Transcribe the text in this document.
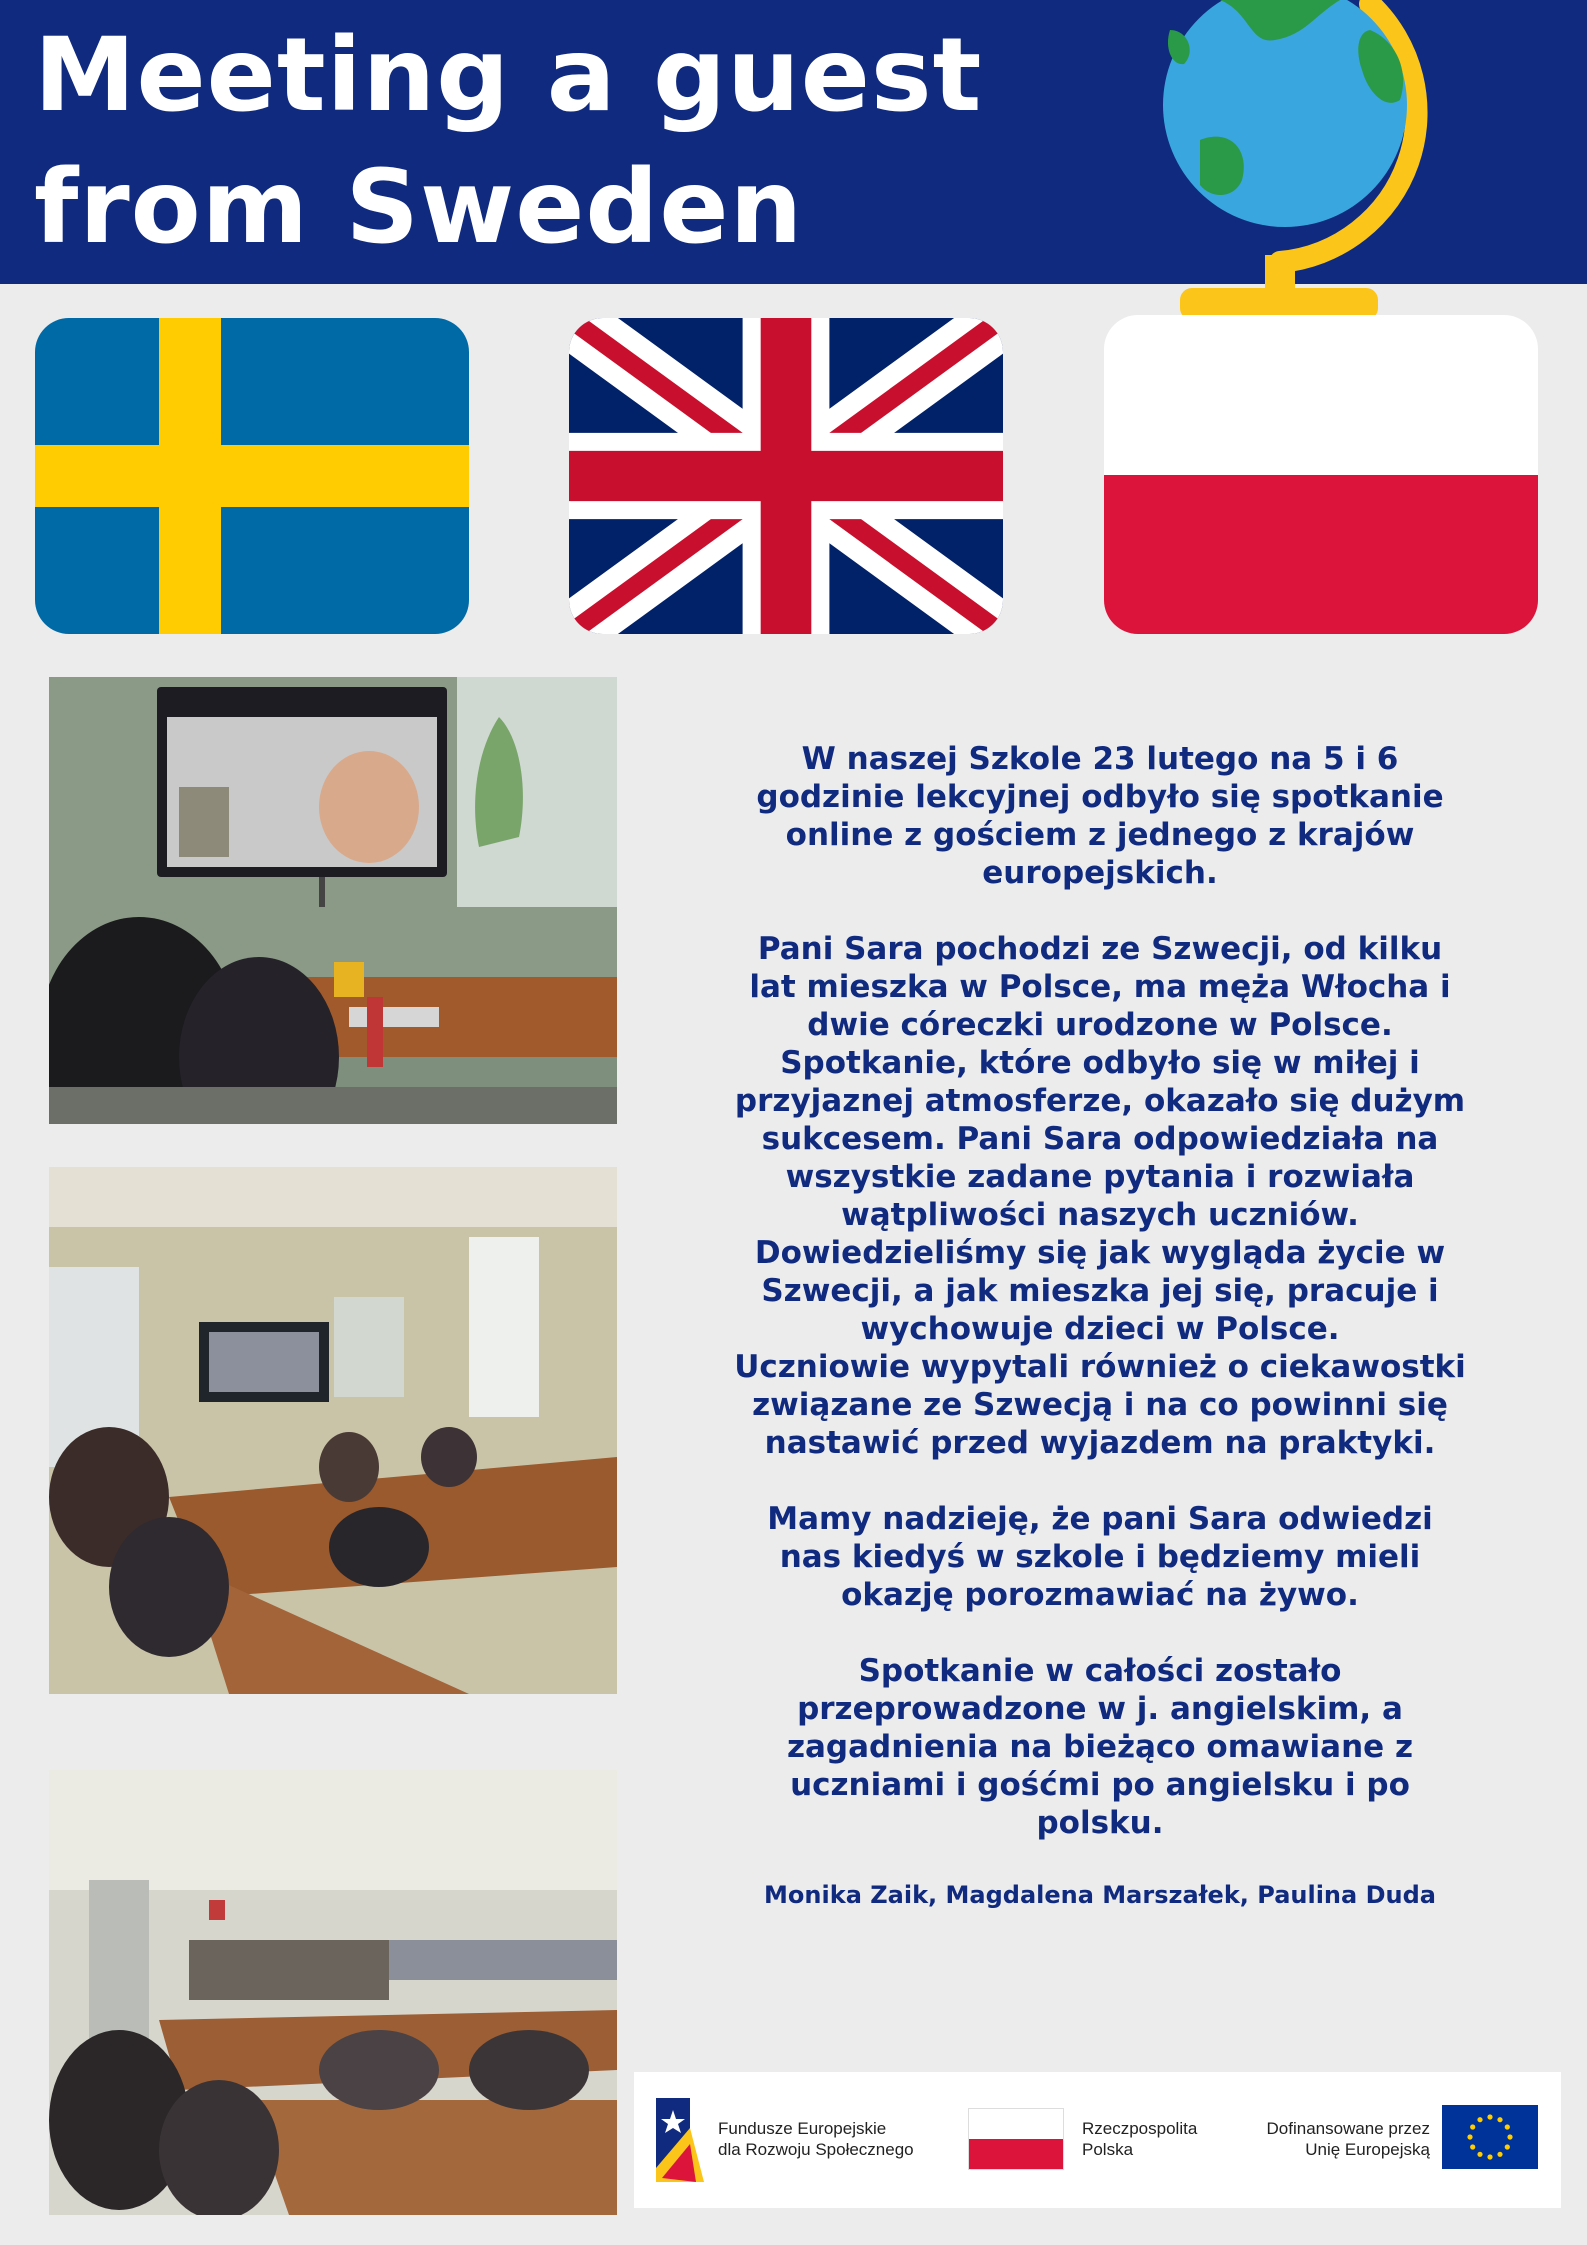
Meeting a guest
from Sweden

W naszej Szkole 23 lutego na 5 i 6
godzinie lekcyjnej odbyło się spotkanie
online z gościem z jednego z krajów
europejskich.

Pani Sara pochodzi ze Szwecji, od kilku
lat mieszka w Polsce, ma męża Włocha i
dwie córeczki urodzone w Polsce.
Spotkanie, które odbyło się w miłej i
przyjaznej atmosferze, okazało się dużym
sukcesem. Pani Sara odpowiedziała na
wszystkie zadane pytania i rozwiała
wątpliwości naszych uczniów.
Dowiedzieliśmy się jak wygląda życie w
Szwecji, a jak mieszka jej się, pracuje i
wychowuje dzieci w Polsce.
Uczniowie wypytali również o ciekawostki
związane ze Szwecją i na co powinni się
nastawić przed wyjazdem na praktyki.

Mamy nadzieję, że pani Sara odwiedzi
nas kiedyś w szkole i będziemy mieli
okazję porozmawiać na żywo.

Spotkanie w całości zostało
przeprowadzone w j. angielskim, a
zagadnienia na bieżąco omawiane z
uczniami i gośćmi po angielsku i po
polsku.

Monika Zaik, Magdalena Marszałek, Paulina Duda

Fundusze Europejskie
dla Rozwoju Społecznego
Rzeczpospolita
Polska
Dofinansowane przez
Unię Europejską
